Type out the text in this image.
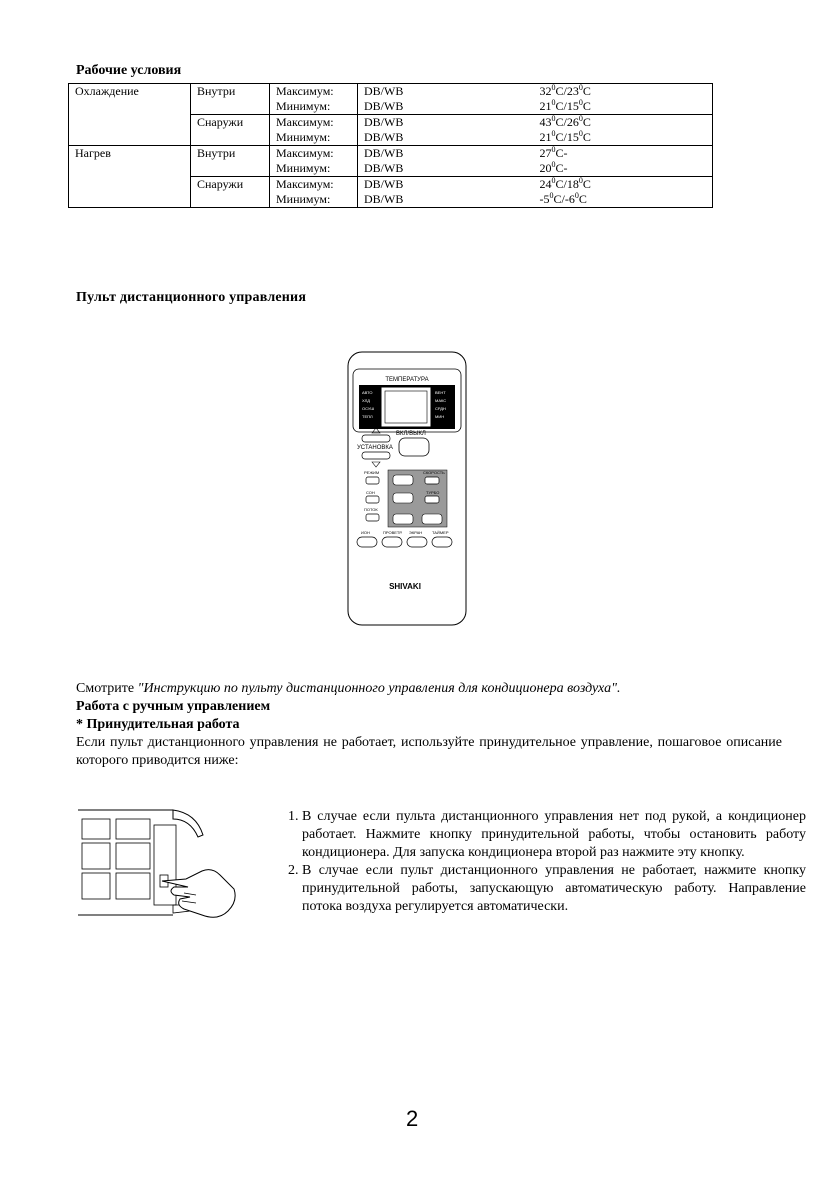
Рабочие условия
Охлаждение	Внутри	Максимум:	DB/WB	$32^0C/23^0C$
		Минимум:	DB/WB	$21^0C/15^0C$
	Снаружи	Максимум:	DB/WB	$43^0C/26^0C$
		Минимум:	DB/WB	$21^0C/15^0C$
Нагрев	Внутри	Максимум:	DB/WB	$27^0C-$
		Минимум:	DB/WB	$20^0C-$
	Снаружи	Максимум:	DB/WB	$24^0C/18^0C$
		Минимум:	DB/WB	$-5^0C/-6^0C$
Пульт дистанционного управления
ТЕМПЕРАТУРА
АВТО
ХЛД
ОСУШ
ТЕПЛ
ВЕНТ
МАКС
СРДН
МИН
УСТАНОВКА
ВКЛ/ВЫКЛ
РЕЖИМ
СОН
ПОТОК
СКОРОСТЬ
ТУРБО
ИОН	ПРОВЕТР. ЭКРАН ТАЙМЕР
SHIVAKI
Смотрите "Инструкцию по пульту дистанционного управления для кондиционера воздуха".
Работа с ручным управлением
* Принудительная работа
Если пульт дистанционного управления не работает, используйте принудительное управление, пошаговое описание которого приводится ниже:
1. В случае если пульта дистанционного управления нет под рукой, а кондиционер работает. Нажмите кнопку принудительной работы, чтобы остановить работу кондиционера. Для запуска кондиционера второй раз нажмите эту кнопку.
2. В случае если пульт дистанционного управления не работает, нажмите кнопку принудительной работы, запускающую автоматическую работу. Направление потока воздуха регулируется автоматически.
2
